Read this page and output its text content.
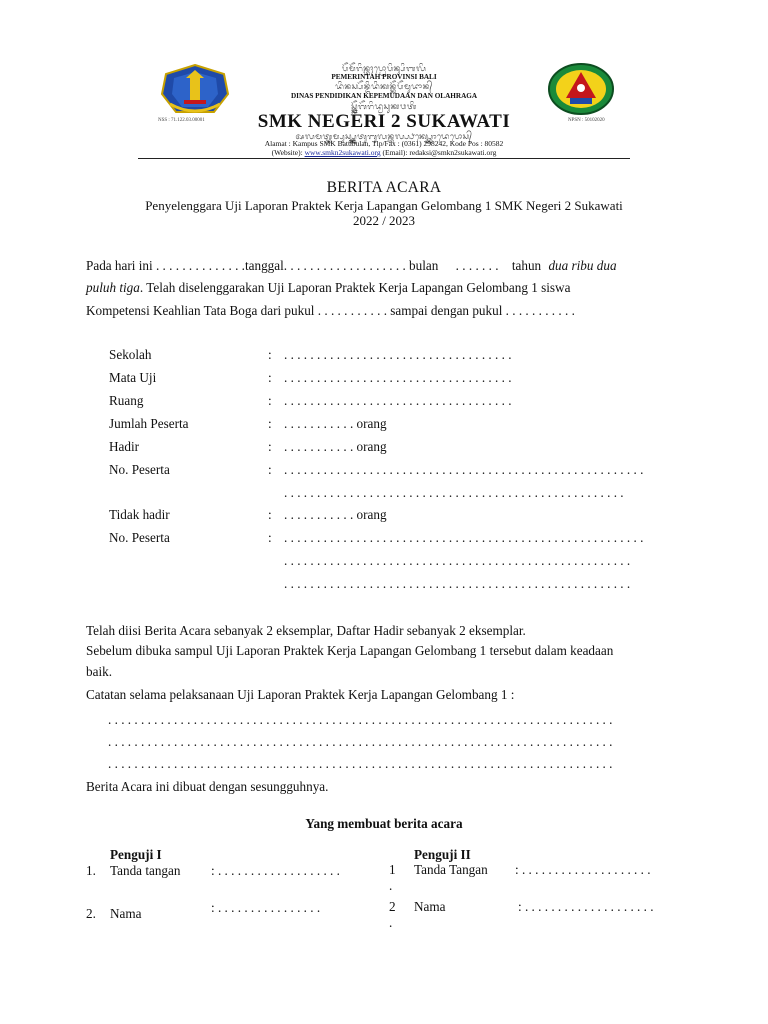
ᬧᭂᬫᭂᬭᬶᬦ᭄ᬢᬄᬧ᭄ᬭᭀᬧᬶᬦ᭄ᬲᬶᬩᬮᬶ
PEMERINTAH PROVINSI BALI
ᬤᬶᬦᬲ᭄ᬧᭂᬦ᭄ᬤᬶᬤᬶᬓᬦ᭄ᬓᭂᬧᭂᬫᬸᬤᬵᬦ᭄
DINAS PENDIDIKAN KEPEMUDAAN DAN OLAHRAGA
ᬲ᭄ᬫ᭄ᬓ᭄ᬦᭂᬕᭂᬭᬶᬤ᭄ᬯᬲᬸᬓᬯᬢᬶ
SMK NEGERI 2 SUKAWATI
ᬅᬮᬫᬢ᭄ᬓᬫ᭄ᬧᬸᬲ᭄ᬲ᭄ᬫ᭄ᬓ᭄ᬩᬢᬸᬩᬸᬮᬦ᭄ᬢᬮ᭄ᬧ᭄ᬨᬓ᭄ᬲ᭄ᬓᭀᬤᬾᬧᭀᬲ᭄
NSS : 71.122.03.00001	NPSN : 50102020
Alamat : Kampus SMK Batubulan, Tlp/Fax : (0361) 298242, Kode Pos : 80582
(Website): www.smkn2sukawati.org (Email): redaksi@smkn2sukawati.org
BERITA ACARA
Penyelenggara Uji Laporan Praktek Kerja Lapangan Gelombang 1 SMK Negeri 2 Sukawati
2022 / 2023
Pada hari ini . . . . . . . . . . . . . .tanggal. . . . . . . . . . . . . . . . . . . bulan . . . . . . . tahun dua ribu dua
puluh tiga. Telah diselenggarakan Uji Laporan Praktek Kerja Lapangan Gelombang 1 siswa
Kompetensi Keahlian Tata Boga dari pukul . . . . . . . . . . . sampai dengan pukul . . . . . . . . . . .
Sekolah	: . . . . . . . . . . . . . . . . . . . . . . . . . . . . . . . . . . .
Mata Uji	: . . . . . . . . . . . . . . . . . . . . . . . . . . . . . . . . . . .
Ruang	: . . . . . . . . . . . . . . . . . . . . . . . . . . . . . . . . . . .
Jumlah Peserta	: . . . . . . . . . . . orang
Hadir	: . . . . . . . . . . . orang
No. Peserta	: . . . . . . . . . . . . . . . . . . . . . . . . . . . . . . . . . . . . . . . . . . . . . . . . . . . . . . .
. . . . . . . . . . . . . . . . . . . . . . . . . . . . . . . . . . . . . . . . . . . . . . . . . . . .
Tidak hadir	: . . . . . . . . . . . orang
No. Peserta	: . . . . . . . . . . . . . . . . . . . . . . . . . . . . . . . . . . . . . . . . . . . . . . . . . . . . . . .
. . . . . . . . . . . . . . . . . . . . . . . . . . . . . . . . . . . . . . . . . . . . . . . . . . . . .
. . . . . . . . . . . . . . . . . . . . . . . . . . . . . . . . . . . . . . . . . . . . . . . . . . . . .
Telah diisi Berita Acara sebanyak 2 eksemplar, Daftar Hadir sebanyak 2 eksemplar.
Sebelum dibuka sampul Uji Laporan Praktek Kerja Lapangan Gelombang 1 tersebut dalam keadaan
baik.
Catatan selama pelaksanaan Uji Laporan Praktek Kerja Lapangan Gelombang 1 :
. . . . . . . . . . . . . . . . . . . . . . . . . . . . . . . . . . . . . . . . . . . . . . . . . . . . . . . . . . . . . . . . . . . . . . . . . . . . .
. . . . . . . . . . . . . . . . . . . . . . . . . . . . . . . . . . . . . . . . . . . . . . . . . . . . . . . . . . . . . . . . . . . . . . . . . . . . .
. . . . . . . . . . . . . . . . . . . . . . . . . . . . . . . . . . . . . . . . . . . . . . . . . . . . . . . . . . . . . . . . . . . . . . . . . . . . .
Berita Acara ini dibuat dengan sesungguhnya.
Yang membuat berita acara
Penguji I
1. Tanda tangan : . . . . . . . . . . . . . . . . . . .
2. Nama	: . . . . . . . . . . . . . . . .
Penguji II
1
.
Tanda Tangan : . . . . . . . . . . . . . . . . . . . .
2
.
Nama	: . . . . . . . . . . . . . . . . . . . .
